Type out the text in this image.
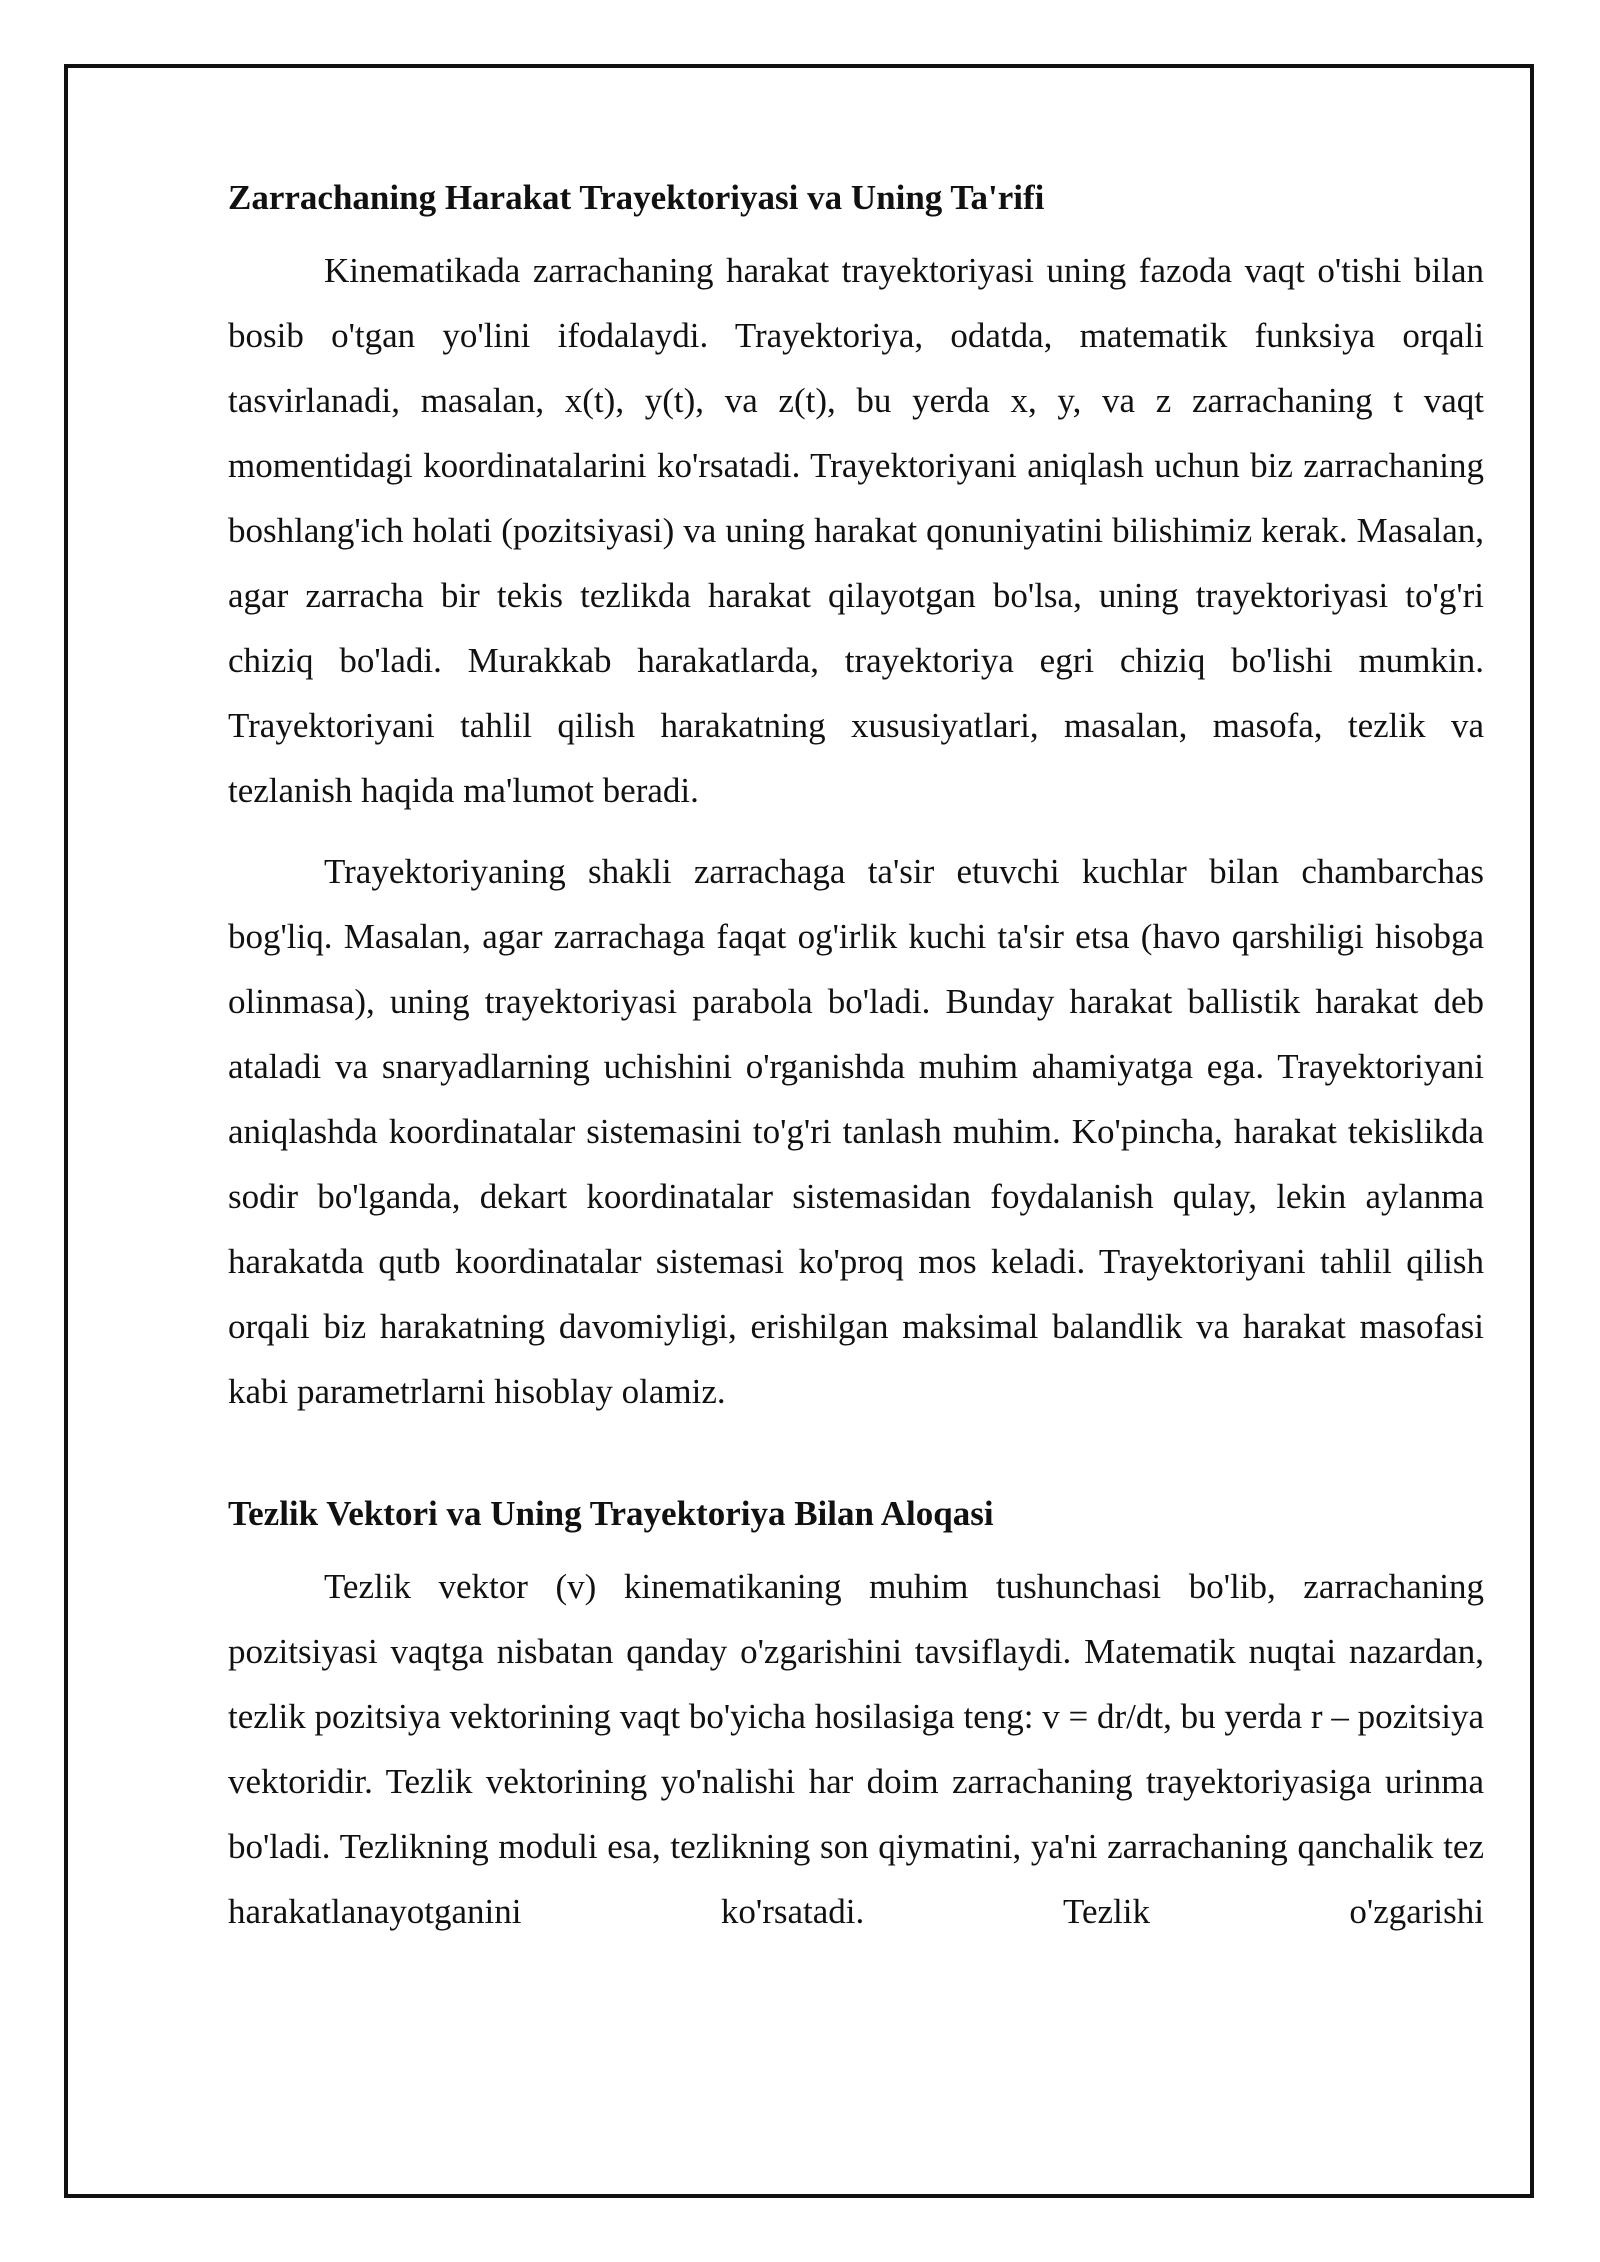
Zarrachaning Harakat Trayektoriyasi va Uning Ta'rifi

Kinematikada zarrachaning harakat trayektoriyasi uning fazoda vaqt o'tishi bilan bosib o'tgan yo'lini ifodalaydi. Trayektoriya, odatda, matematik funksiya orqali tasvirlanadi, masalan, x(t), y(t), va z(t), bu yerda x, y, va z zarrachaning t vaqt momentidagi koordinatalarini ko'rsatadi. Trayektoriyani aniqlash uchun biz zarrachaning boshlang'ich holati (pozitsiyasi) va uning harakat qonuniyatini bilishimiz kerak. Masalan, agar zarracha bir tekis tezlikda harakat qilayotgan bo'lsa, uning trayektoriyasi to'g'ri chiziq bo'ladi. Murakkab harakatlarda, trayektoriya egri chiziq bo'lishi mumkin. Trayektoriyani tahlil qilish harakatning xususiyatlari, masalan, masofa, tezlik va tezlanish haqida ma'lumot beradi.

Trayektoriyaning shakli zarrachaga ta'sir etuvchi kuchlar bilan chambarchas bog'liq. Masalan, agar zarrachaga faqat og'irlik kuchi ta'sir etsa (havo qarshiligi hisobga olinmasa), uning trayektoriyasi parabola bo'ladi. Bunday harakat ballistik harakat deb ataladi va snaryadlarning uchishini o'rganishda muhim ahamiyatga ega. Trayektoriyani aniqlashda koordinatalar sistemasini to'g'ri tanlash muhim. Ko'pincha, harakat tekislikda sodir bo'lganda, dekart koordinatalar sistemasidan foydalanish qulay, lekin aylanma harakatda qutb koordinatalar sistemasi ko'proq mos keladi. Trayektoriyani tahlil qilish orqali biz harakatning davomiyligi, erishilgan maksimal balandlik va harakat masofasi kabi parametrlarni hisoblay olamiz.

Tezlik Vektori va Uning Trayektoriya Bilan Aloqasi

Tezlik vektor (v) kinematikaning muhim tushunchasi bo'lib, zarrachaning pozitsiyasi vaqtga nisbatan qanday o'zgarishini tavsiflaydi. Matematik nuqtai nazardan, tezlik pozitsiya vektorining vaqt bo'yicha hosilasiga teng: v = dr/dt, bu yerda r – pozitsiya vektoridir. Tezlik vektorining yo'nalishi har doim zarrachaning trayektoriyasiga urinma bo'ladi. Tezlikning moduli esa, tezlikning son qiymatini, ya'ni zarrachaning qanchalik tez harakatlanayotganini ko'rsatadi. Tezlik o'zgarishi
